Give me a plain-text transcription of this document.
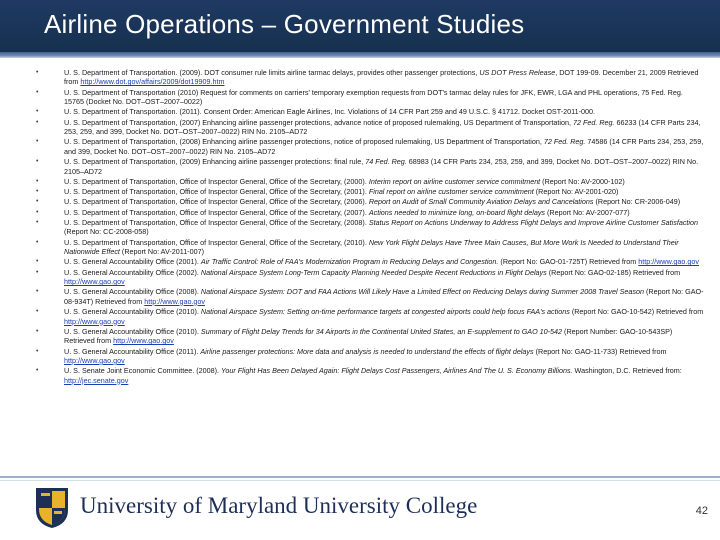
Airline Operations – Government Studies
•	U. S. Department of Transportation. (2009). DOT consumer rule limits airline tarmac delays, provides other passenger protections, US DOT Press Release, DOT 199-09. December 21, 2009 Retrieved from http://www.dot.gov/affairs/2009/dot19909.htm
•	U. S. Department of Transportation (2010) Request for comments on carriers' temporary exemption requests from DOT's tarmac delay rules for JFK, EWR, LGA and PHL operations, 75 Fed. Reg. 15765 (Docket No. DOT–OST–2007–0022)
•	U. S. Department of Transportation. (2011). Consent Order: American Eagle Airlines, Inc. Violations of 14 CFR Part 259 and 49 U.S.C. § 41712. Docket OST-2011-000.
•	U. S. Department of Transportation, (2007) Enhancing airline passenger protections, advance notice of proposed rulemaking, US Department of Transportation, 72 Fed. Reg. 66233 (14 CFR Parts 234, 253, 259, and 399, Docket No. DOT–OST–2007–0022) RIN No. 2105–AD72
•	U. S. Department of Transportation, (2008) Enhancing airline passenger protections, notice of proposed rulemaking, US Department of Transportation, 72 Fed. Reg. 74586 (14 CFR Parts 234, 253, 259, and 399, Docket No. DOT–OST–2007–0022) RIN No. 2105–AD72
•	U. S. Department of Transportation, (2009) Enhancing airline passenger protections: final rule, 74 Fed. Reg. 68983 (14 CFR Parts 234, 253, 259, and 399, Docket No. DOT–OST–2007–0022) RIN No. 2105–AD72
•	U. S. Department of Transportation, Office of Inspector General, Office of the Secretary, (2000). Interim report on airline customer service commitment (Report No: AV-2000-102)
•	U. S. Department of Transportation, Office of Inspector General, Office of the Secretary, (2001). Final report on airline customer service commitment (Report No: AV-2001-020)
•	U. S. Department of Transportation, Office of Inspector General, Office of the Secretary, (2006). Report on Audit of Small Community Aviation Delays and Cancelations (Report No: CR-2006-049)
•	U. S. Department of Transportation, Office of Inspector General, Office of the Secretary, (2007). Actions needed to minimize long, on-board flight delays (Report No: AV-2007-077)
•	U. S. Department of Transportation, Office of Inspector General, Office of the Secretary, (2008). Status Report on Actions Underway to Address Flight Delays and Improve Airline Customer Satisfaction (Report No: CC-2008-058)
•	U. S. Department of Transportation, Office of Inspector General, Office of the Secretary, (2010). New York Flight Delays Have Three Main Causes, But More Work Is Needed to Understand Their Nationwide Effect (Report No: AV-2011-007)
•	U. S. General Accountability Office (2001). Air Traffic Control: Role of FAA's Modernization Program in Reducing Delays and Congestion. (Report No: GAO-01-725T) Retrieved from http://www.gao.gov
•	U. S. General Accountability Office (2002). National Airspace System Long-Term Capacity Planning Needed Despite Recent Reductions in Flight Delays (Report No: GAO-02-185) Retrieved from http://www.gao.gov
•	U. S. General Accountability Office (2008). National Airspace System: DOT and FAA Actions Will Likely Have a Limited Effect on Reducing Delays during Summer 2008 Travel Season (Report No: GAO-08-934T) Retrieved from http://www.gao.gov
•	U. S. General Accountability Office (2010). National Airspace System: Setting on-time performance targets at congested airports could help focus FAA's actions (Report No: GAO-10-542) Retrieved from http://www.gao.gov
•	U. S. General Accountability Office (2010). Summary of Flight Delay Trends for 34 Airports in the Continental United States, an E-supplement to GAO 10-542 (Report Number: GAO-10-543SP) Retrieved from http://www.gao.gov
•	U. S. General Accountability Office (2011). Airline passenger protections: More data and analysis is needed to understand the effects of flight delays (Report No: GAO-11-733) Retrieved from http://www.gao.gov
•	U. S. Senate Joint Economic Committee. (2008). Your Flight Has Been Delayed Again: Flight Delays Cost Passengers, Airlines And The U. S. Economy Billions. Washington, D.C. Retrieved from: http://jec.senate.gov
University of Maryland University College	42
